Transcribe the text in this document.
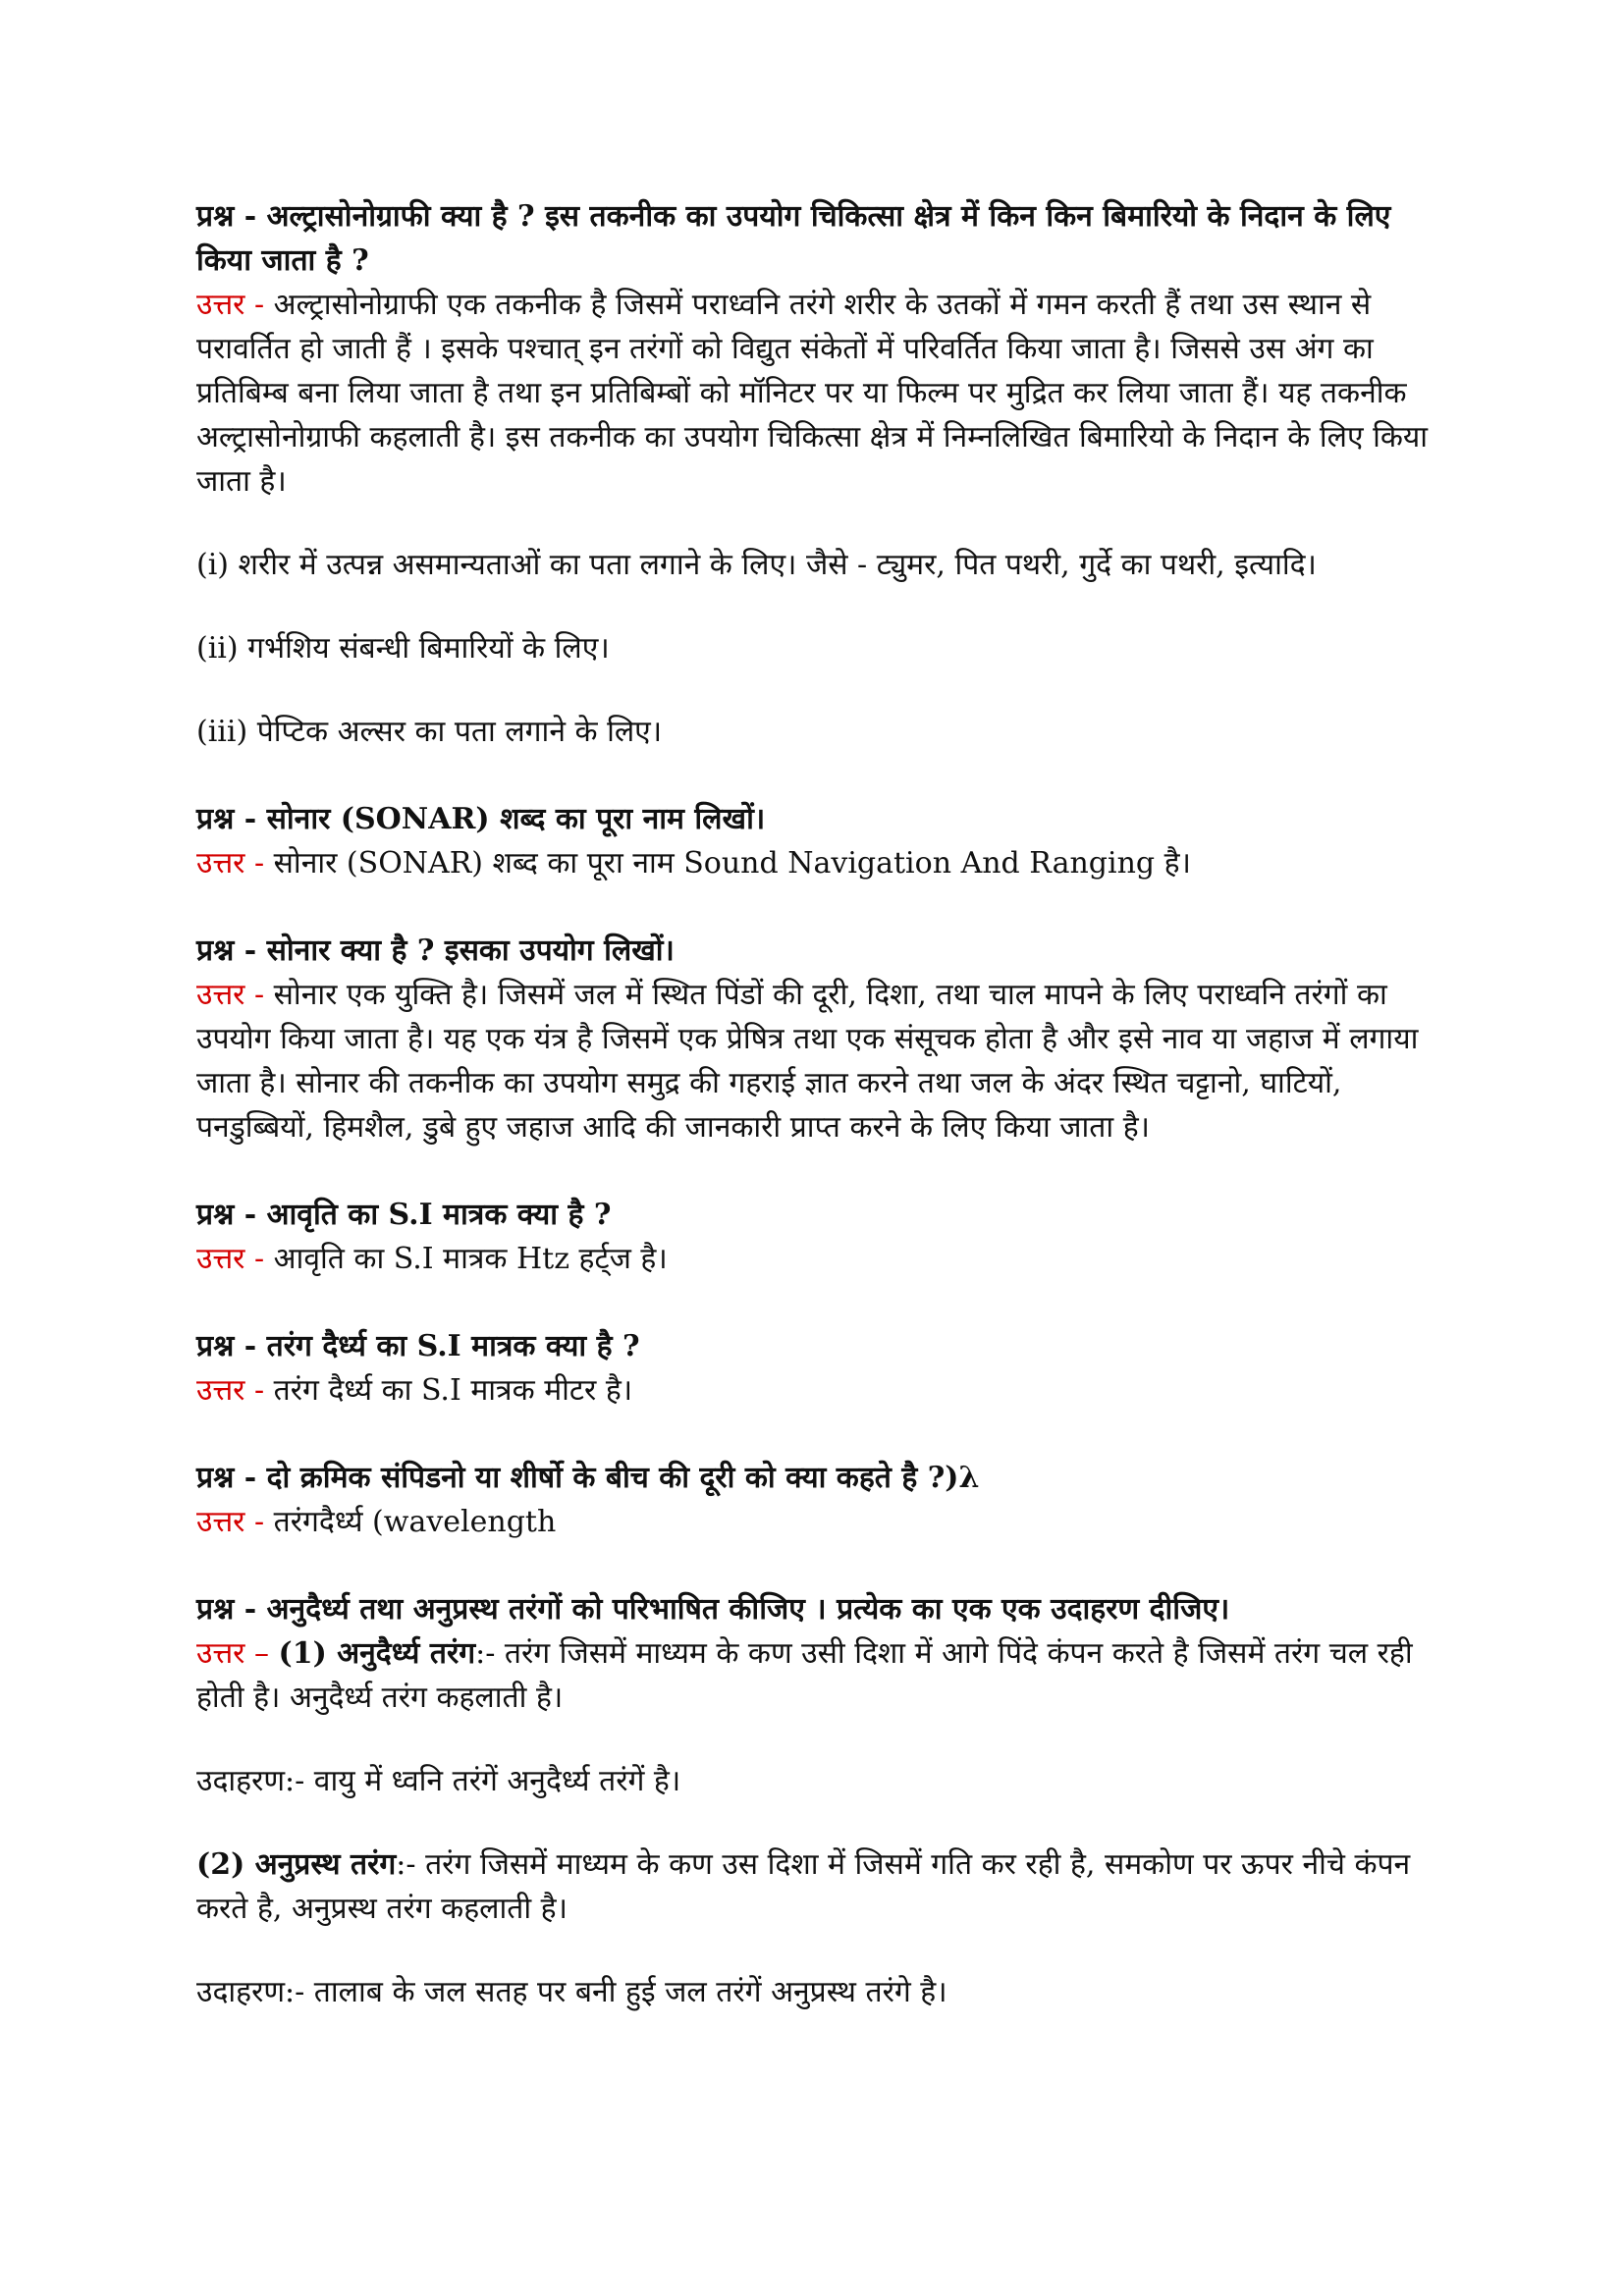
प्रश्न - अल्ट्रासोनोग्राफी क्या है ? इस तकनीक का उपयोग चिकित्सा क्षेत्र में किन किन बिमारियो के निदान के लिए किया जाता है ?

उत्तर - अल्ट्रासोनोग्राफी एक तकनीक है जिसमें पराध्वनि तरंगे शरीर के उतकों में गमन करती हैं तथा उस स्थान से परावर्तित हो जाती हैं । इसके पश्चात् इन तरंगों को विद्युत संकेतों में परिवर्तित किया जाता है। जिससे उस अंग का प्रतिबिम्ब बना लिया जाता है तथा इन प्रतिबिम्बों को मॉनिटर पर या फिल्म पर मुद्रित कर लिया जाता हैं। यह तकनीक अल्ट्रासोनोग्राफी कहलाती है। इस तकनीक का उपयोग चिकित्सा क्षेत्र में निम्नलिखित बिमारियो के निदान के लिए किया जाता है।

(i) शरीर में उत्पन्न असमान्यताओं का पता लगाने के लिए। जैसे - ट्युमर, पित पथरी, गुर्दे का पथरी, इत्यादि।

(ii) गर्भशिय संबन्धी बिमारियों के लिए।

(iii) पेप्टिक अल्सर का पता लगाने के लिए।

प्रश्न - सोनार (SONAR) शब्द का पूरा नाम लिखों।

उत्तर - सोनार (SONAR) शब्द का पूरा नाम Sound Navigation And Ranging है।

प्रश्न - सोनार क्या है ? इसका उपयोग लिखों।

उत्तर - सोनार एक युक्ति है। जिसमें जल में स्थित पिंडों की दूरी, दिशा, तथा चाल मापने के लिए पराध्वनि तरंगों का उपयोग किया जाता है। यह एक यंत्र है जिसमें एक प्रेषित्र तथा एक संसूचक होता है और इसे नाव या जहाज में लगाया जाता है। सोनार की तकनीक का उपयोग समुद्र की गहराई ज्ञात करने तथा जल के अंदर स्थित चट्टानो, घाटियों, पनडुब्बियों, हिमशैल, डुबे हुए जहाज आदि की जानकारी प्राप्त करने के लिए किया जाता है।

प्रश्न - आवृति का S.I मात्रक क्या है ?

उत्तर - आवृति का S.I मात्रक Htz हर्ट्ज है।

प्रश्न - तरंग दैर्ध्य का S.I मात्रक क्या है ?

उत्तर - तरंग दैर्ध्य का S.I मात्रक मीटर है।

प्रश्न - दो क्रमिक संपिडनो या शीर्षो के बीच की दूरी को क्या कहते है ?)λ

उत्तर - तरंगदैर्ध्य (wavelength

प्रश्न - अनुदैर्ध्य तथा अनुप्रस्थ तरंगों को परिभाषित कीजिए । प्रत्येक का एक एक उदाहरण दीजिए।

उत्तर – (1) अनुदैर्ध्य तरंग:- तरंग जिसमें माध्यम के कण उसी दिशा में आगे पिंदे कंपन करते है जिसमें तरंग चल रही होती है। अनुदैर्ध्य तरंग कहलाती है।

उदाहरण:- वायु में ध्वनि तरंगें अनुदैर्ध्य तरंगें है।

(2) अनुप्रस्थ तरंग:- तरंग जिसमें माध्यम के कण उस दिशा में जिसमें गति कर रही है, समकोण पर ऊपर नीचे कंपन करते है, अनुप्रस्थ तरंग कहलाती है।

उदाहरण:- तालाब के जल सतह पर बनी हुई जल तरंगें अनुप्रस्थ तरंगे है।
